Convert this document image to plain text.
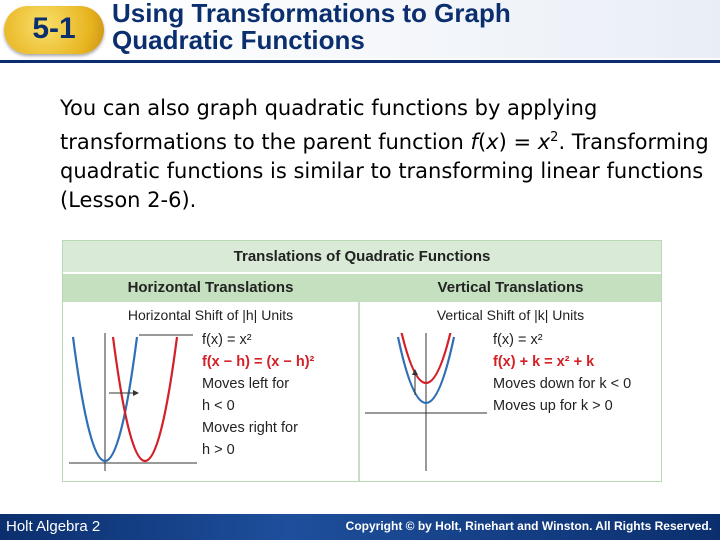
5-1	Using Transformations to Graph
Quadratic Functions
You can also graph quadratic functions by applying transformations to the parent function $f(x) = x^2$. Transforming quadratic functions is similar to transforming linear functions (Lesson 2-6).
Translations of Quadratic Functions
Horizontal Translations	Vertical Translations
Horizontal Shift of |h| Units	Vertical Shift of |k| Units
f(x) = x²
f(x − h) = (x − h)²
Moves left for
h < 0
Moves right for
h > 0
f(x) = x²
f(x) + k = x² + k
Moves down for k < 0
Moves up for k > 0
Holt Algebra 2	Copyright © by Holt, Rinehart and Winston. All Rights Reserved.
